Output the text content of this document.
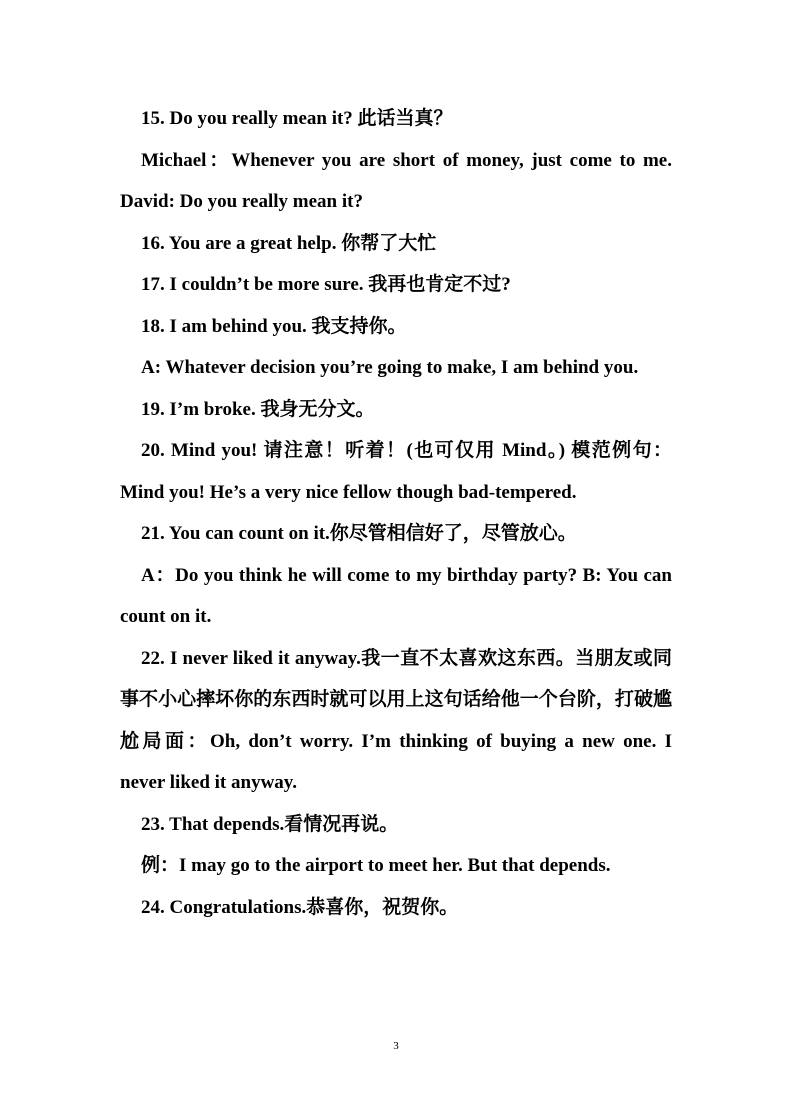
15. Do you really mean it? 此话当真？

Michael：Whenever you are short of money, just come to me. David: Do you really mean it?

16. You are a great help. 你帮了大忙

17. I couldn’t be more sure. 我再也肯定不过?

18. I am behind you. 我支持你。

A: Whatever decision you’re going to make, I am behind you.

19. I’m broke. 我身无分文。

20. Mind you! 请注意！听着！(也可仅用 Mind。) 模范例句： Mind you! He’s a very nice fellow though bad-tempered.

21. You can count on it.你尽管相信好了，尽管放心。

A：Do you think he will come to my birthday party? B: You can count on it.

22. I never liked it anyway.我一直不太喜欢这东西。当朋友或同事不小心摔坏你的东西时就可以用上这句话给他一个台阶，打破尴尬局面：Oh, don’t worry. I’m thinking of buying a new one. I never liked it anyway.

23. That depends.看情况再说。

例：I may go to the airport to meet her. But that depends.

24. Congratulations.恭喜你，祝贺你。

3
